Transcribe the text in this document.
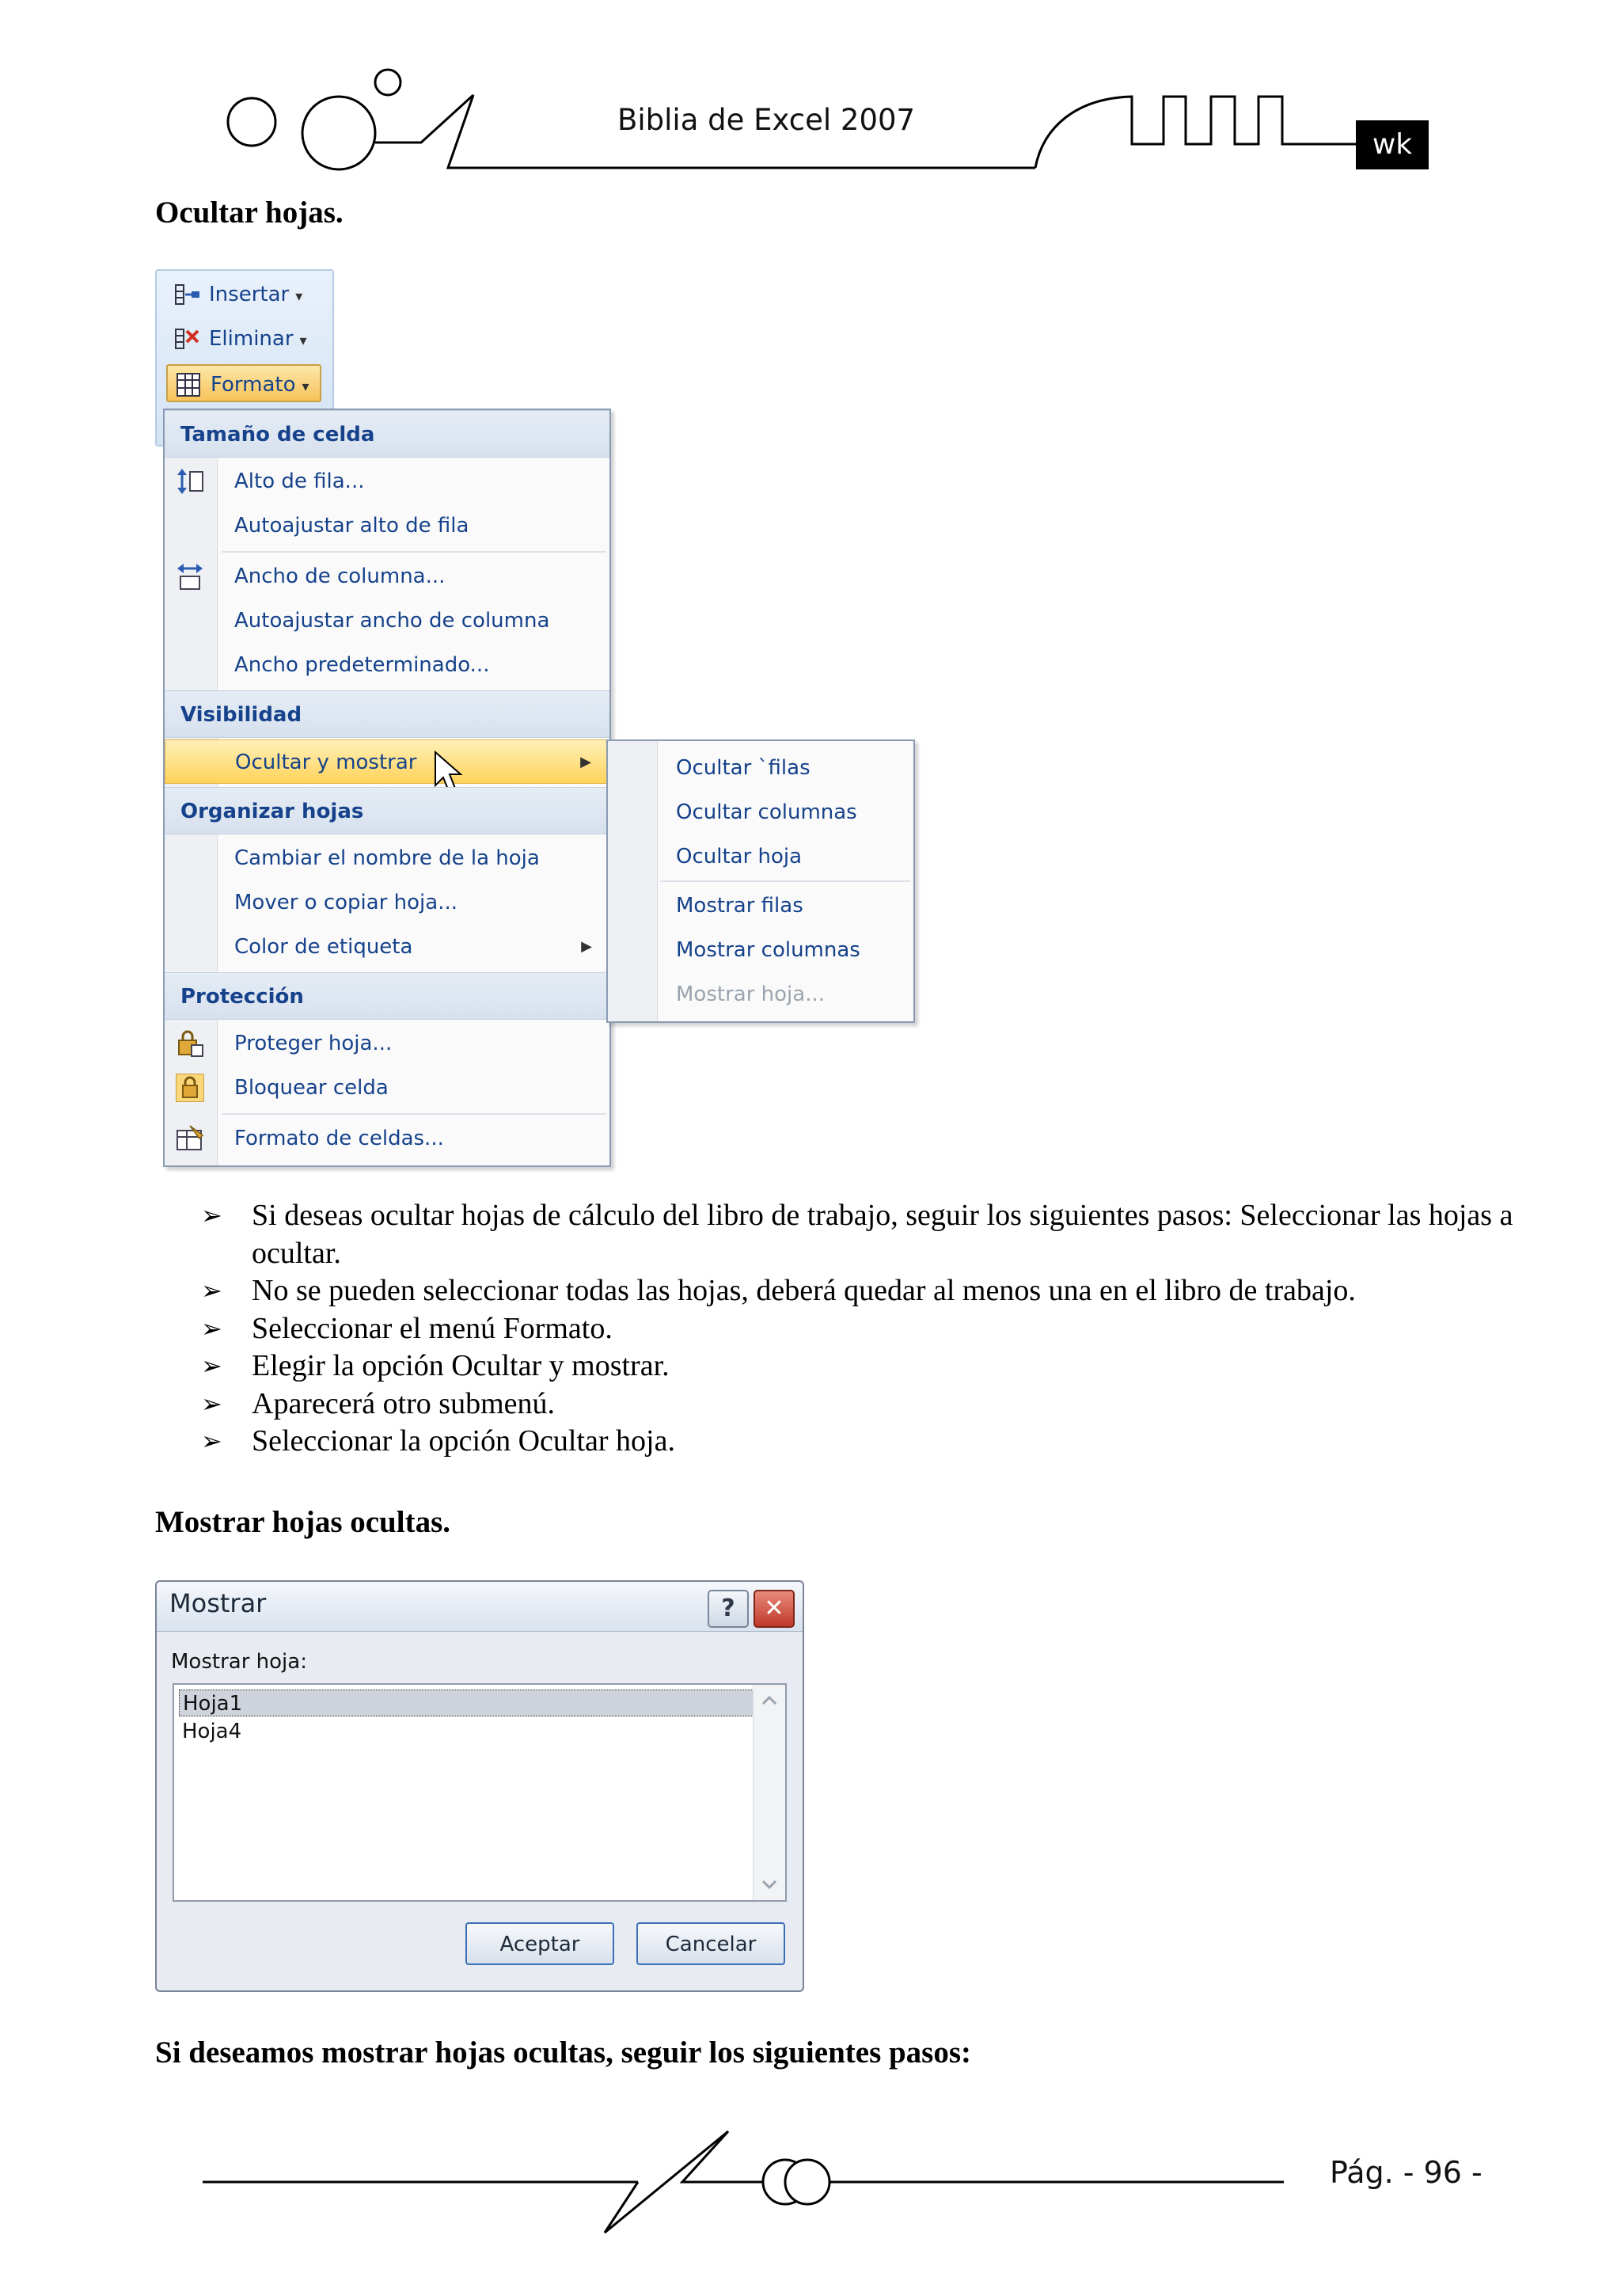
Biblia de Excel 2007
wk
Ocultar hojas.
Insertar ▾
Eliminar ▾
Formato ▾
Tamaño de celda
Alto de fila...
Autoajustar alto de fila
Ancho de columna...
Autoajustar ancho de columna
Ancho predeterminado...
Visibilidad
Ocultar y mostrar	▶
Organizar hojas
Cambiar el nombre de la hoja
Mover o copiar hoja...
Color de etiqueta	▶
Protección
Proteger hoja...
Bloquear celda
Formato de celdas...
Ocultar `filas
Ocultar columnas
Ocultar hoja
Mostrar filas
Mostrar columnas
Mostrar hoja...
➢ Si deseas ocultar hojas de cálculo del libro de trabajo, seguir los siguientes pasos: Seleccionar las hojas a ocultar.
➢ No se pueden seleccionar todas las hojas, deberá quedar al menos una en el libro de trabajo.
➢ Seleccionar el menú Formato.
➢ Elegir la opción Ocultar y mostrar.
➢ Aparecerá otro submenú.
➢ Seleccionar la opción Ocultar hoja.
Mostrar hojas ocultas.
Mostrar	?	✕
Mostrar hoja:
Hoja1
Hoja4
Aceptar	Cancelar
Si deseamos mostrar hojas ocultas, seguir los siguientes pasos:
Pág. - 96 -
